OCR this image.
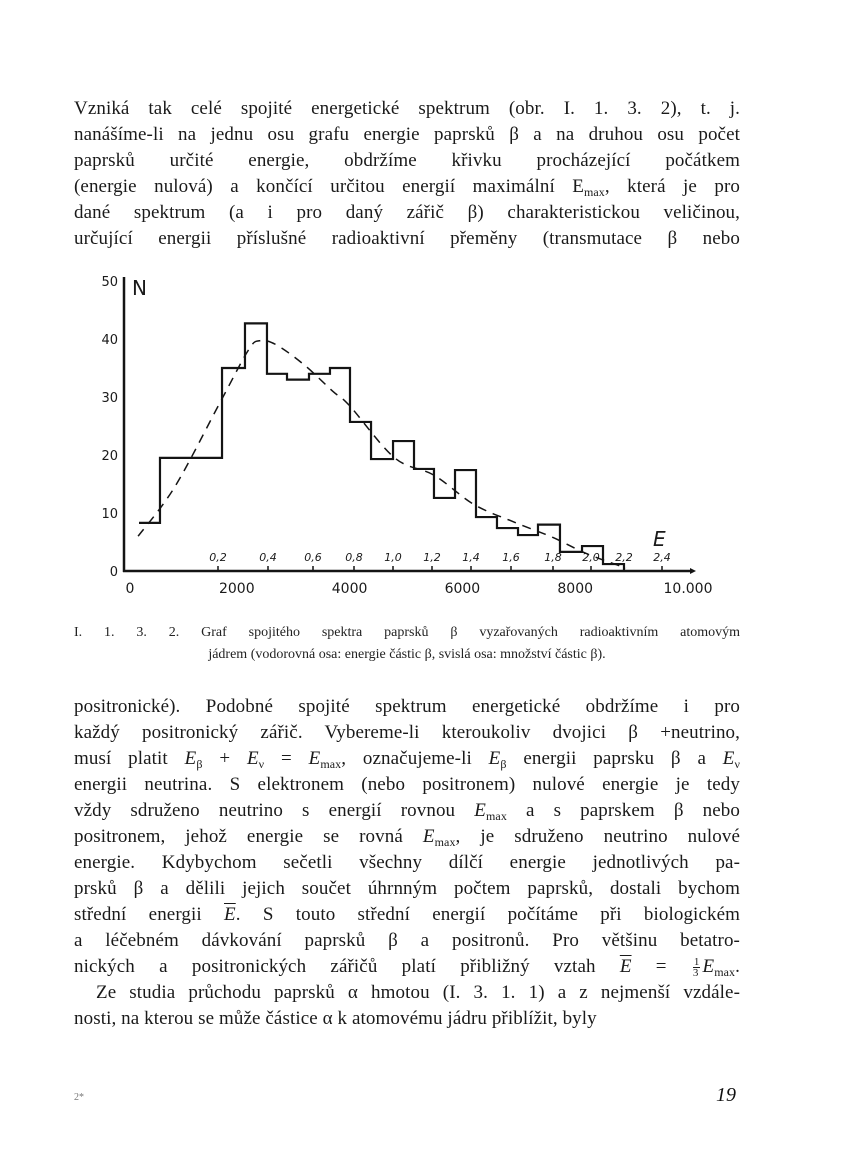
Vzniká tak celé spojité energetické spektrum (obr. I. 1. 3. 2), t. j.
nanášíme-li na jednu osu grafu energie paprsků β a na druhou osu počet
paprsků určité energie, obdržíme křivku procházející počátkem
(energie nulová) a končící určitou energií maximální $E_{max}$, která je pro
dané spektrum (a i pro daný zářič β) charakteristickou veličinou,
určující energii příslušné radioaktivní přeměny (transmutace β nebo

0
10
20
30
40
50 N
0	2000	4000	6000	8000	10.000
0,2	0,4	0,6 0,8 1,0 1,2 1,4 1,6 1,8 2,0 2,2 2,4
E
I. 1. 3. 2. Graf spojitého spektra paprsků β vyzařovaných radioaktivním atomovým
jádrem (vodorovná osa: energie částic β, svislá osa: množství částic β).

positronické). Podobné spojité spektrum energetické obdržíme i pro
každý positronický zářič. Vybereme-li kteroukoliv dvojici β +neutrino,
musí platit $E_\beta + E_\nu = E_{max}$, označujeme-li $E_\beta$ energii paprsku β a $E_\nu$
energii neutrina. S elektronem (nebo positronem) nulové energie je tedy
vždy sdruženo neutrino s energií rovnou $E_{max}$ a s paprskem β nebo
positronem, jehož energie se rovná $E_{max}$, je sdruženo neutrino nulové
energie. Kdybychom sečetli všechny dílčí energie jednotlivých pa-
prsků β a dělili jejich součet úhrnným počtem paprsků, dostali bychom
střední energii $\overline{E}$. S touto střední energií počítáme při biologickém
a léčebném dávkování paprsků β a positronů. Pro většinu betatro-
nických a positronických zářičů platí přibližný vztah $\overline{E} = \frac{1}{3} E_{max}$.
Ze studia průchodu paprsků α hmotou (I. 3. 1. 1) a z nejmenší vzdále-
nosti, na kterou se může částice α k atomovému jádru přiblížit, byly

2*	19
